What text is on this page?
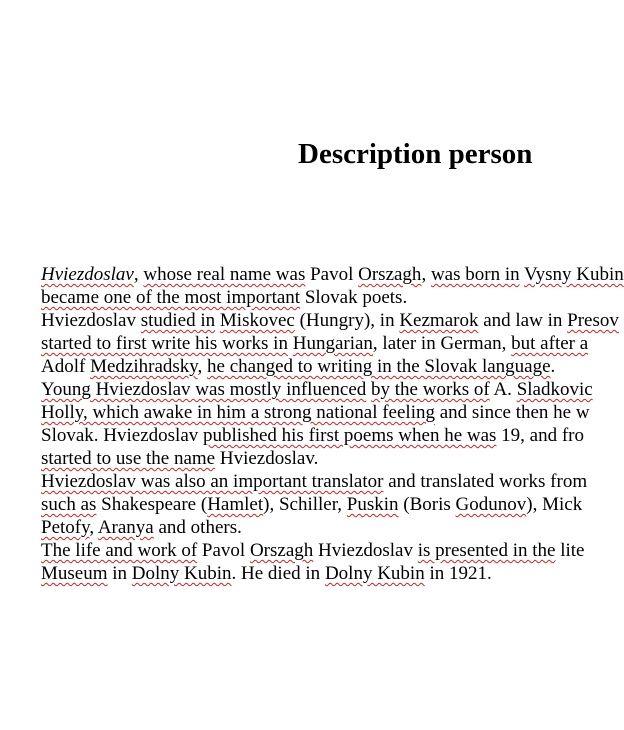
Description person
Hviezdoslav, whose real name was Pavol Orszagh, was born in Vysny Kubin
became one of the most important Slovak poets.
Hviezdoslav studied in Miskovec (Hungry), in Kezmarok and law in Presov
started to first write his works in Hungarian, later in German, but after a
Adolf Medzihradsky, he changed to writing in the Slovak language.
Young Hviezdoslav was mostly influenced by the works of A. Sladkovic
Holly, which awake in him a strong national feeling and since then he w
Slovak. Hviezdoslav published his first poems when he was 19, and fro
started to use the name Hviezdoslav.
Hviezdoslav was also an important translator and translated works from
such as Shakespeare (Hamlet), Schiller, Puskin (Boris Godunov), Mick
Petofy, Aranya and others.
The life and work of Pavol Orszagh Hviezdoslav is presented in the lite
Museum in Dolny Kubin. He died in Dolny Kubin in 1921.
